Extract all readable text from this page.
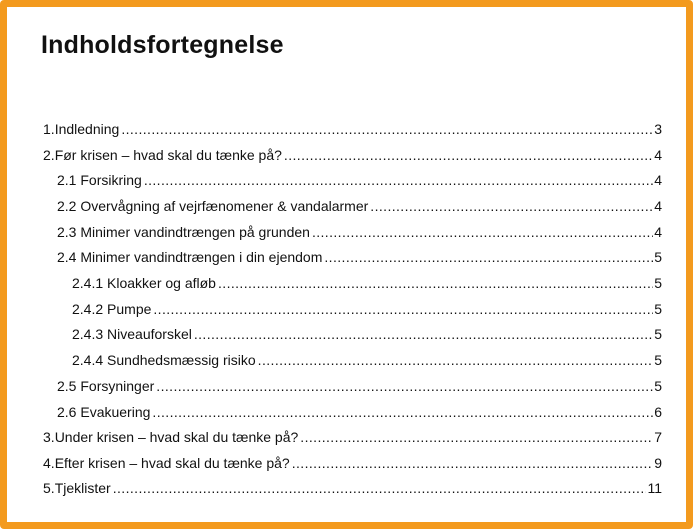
Indholdsfortegnelse
1. Indledning .....	3
2. Før krisen – hvad skal du tænke på? .....	4
2.1 Forsikring .....	4
2.2 Overvågning af vejrfænomener & vandalarmer .....	4
2.3 Minimer vandindtrængen på grunden .....	4
2.4 Minimer vandindtrængen i din ejendom .....	5
2.4.1 Kloakker og afløb .....	5
2.4.2 Pumpe .....	5
2.4.3 Niveauforskel .....	5
2.4.4 Sundhedsmæssig risiko .....	5
2.5 Forsyninger .....	5
2.6 Evakuering .....	6
3. Under krisen – hvad skal du tænke på? .....	7
4. Efter krisen – hvad skal du tænke på? .....	9
5. Tjeklister .....	11
